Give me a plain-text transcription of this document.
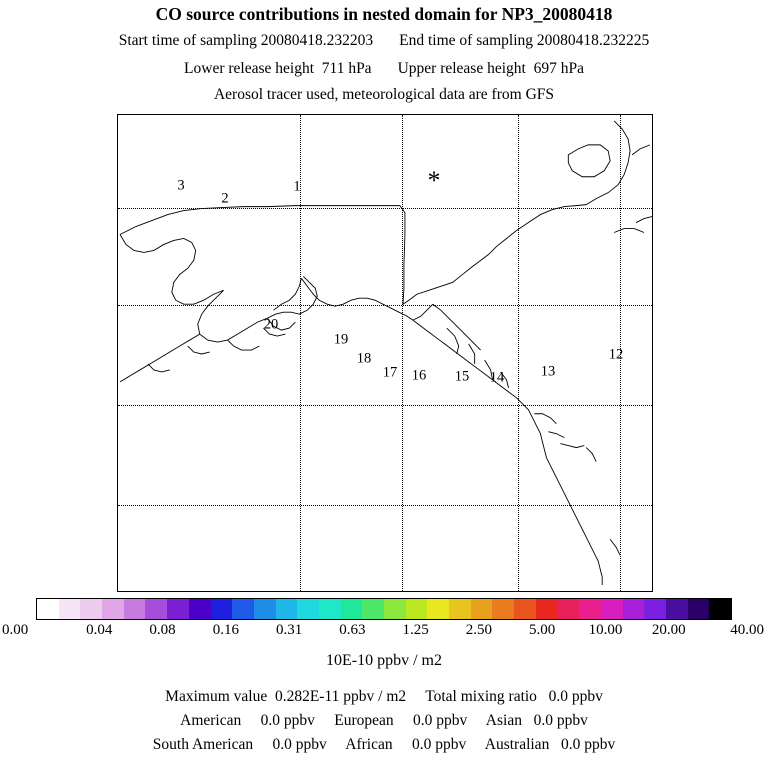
CO source contributions in nested domain for NP3_20080418
Start time of sampling 20080418.232203 End time of sampling 20080418.232225
Lower release height 711 hPa Upper release height 697 hPa
Aerosol tracer used, meteorological data are from GFS
*
3
2
1
20
19
18
17 16 15 14	13
12
0.00	0.04 0.08 0.16 0.31 0.63 1.25 2.50 5.00 10.00 20.00	40.00
10E-10 ppbv / m2
Maximum value 0.282E-11 ppbv / m2 Total mixing ratio 0.0 ppbv
American 0.0 ppbv European 0.0 ppbv Asian 0.0 ppbv
South American 0.0 ppbv African 0.0 ppbv Australian 0.0 ppbv
